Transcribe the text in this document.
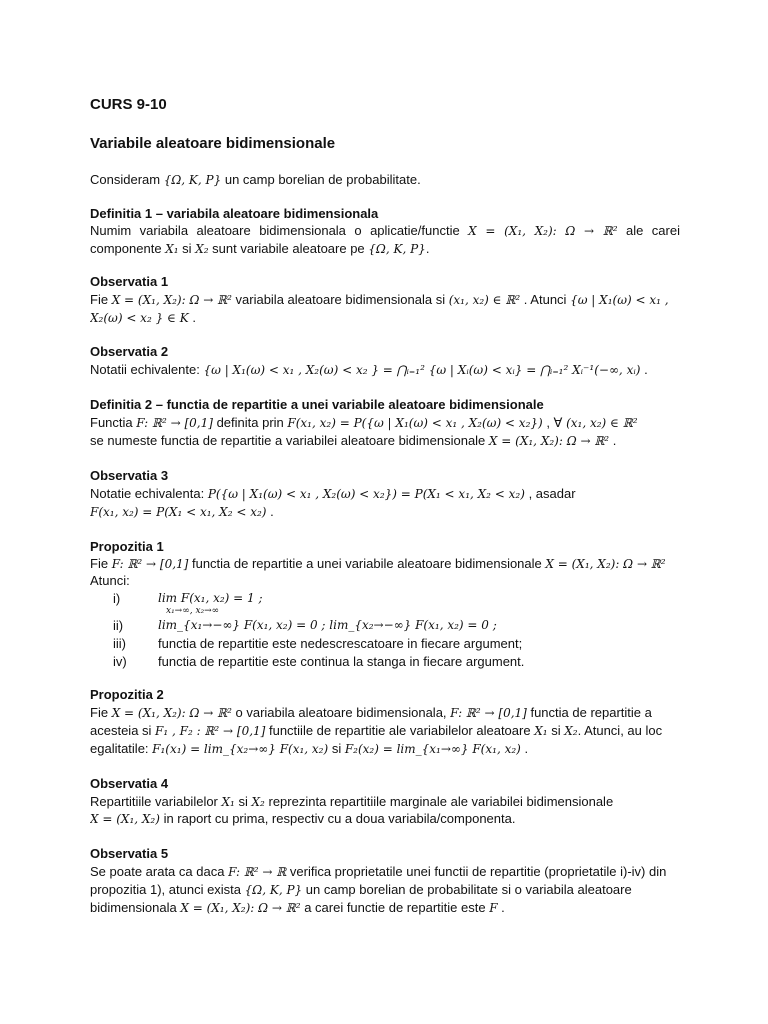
CURS 9-10
Variabile aleatoare bidimensionale
Consideram {Ω, K, P} un camp borelian de probabilitate.
Definitia 1 – variabila aleatoare bidimensionala
Numim variabila aleatoare bidimensionala o aplicatie/functie X = (X₁, X₂): Ω → ℝ² ale carei
componente X₁ si X₂ sunt variabile aleatoare pe {Ω, K, P}.
Observatia 1
Fie X = (X₁, X₂): Ω → ℝ² variabila aleatoare bidimensionala si (x₁, x₂) ∈ ℝ² . Atunci {ω | X₁(ω) < x₁ ,
X₂(ω) < x₂ } ∈ K .
Observatia 2
Notatii echivalente: {ω | X₁(ω) < x₁ , X₂(ω) < x₂ } = ⋂ᵢ₌₁² {ω | Xᵢ(ω) < xᵢ} = ⋂ᵢ₌₁² Xᵢ⁻¹(−∞, xᵢ) .
Definitia 2 – functia de repartitie a unei variabile aleatoare bidimensionale
Functia F: ℝ² → [0,1] definita prin F(x₁, x₂) = P({ω | X₁(ω) < x₁ , X₂(ω) < x₂}) , ∀ (x₁, x₂) ∈ ℝ²
se numeste functia de repartitie a variabilei aleatoare bidimensionale X = (X₁, X₂): Ω → ℝ² .
Observatia 3
Notatie echivalenta: P({ω | X₁(ω) < x₁ , X₂(ω) < x₂}) = P(X₁ < x₁, X₂ < x₂) , asadar
F(x₁, x₂) = P(X₁ < x₁, X₂ < x₂) .
Propozitia 1
Fie F: ℝ² → [0,1] functia de repartitie a unei variabile aleatoare bidimensionale X = (X₁, X₂): Ω → ℝ²
Atunci:
i)	lim F(x₁, x₂) = 1 ;
x₁→∞, x₂→∞
ii)	lim_{x₁→−∞} F(x₁, x₂) = 0 ; lim_{x₂→−∞} F(x₁, x₂) = 0 ;
iii) functia de repartitie este nedescrescatoare in fiecare argument;
iv) functia de repartitie este continua la stanga in fiecare argument.
Propozitia 2
Fie X = (X₁, X₂): Ω → ℝ² o variabila aleatoare bidimensionala, F: ℝ² → [0,1] functia de repartitie a
acesteia si F₁ , F₂ : ℝ² → [0,1] functiile de repartitie ale variabilelor aleatoare X₁ si X₂. Atunci, au loc
egalitatile: F₁(x₁) = lim_{x₂→∞} F(x₁, x₂) si F₂(x₂) = lim_{x₁→∞} F(x₁, x₂) .
Observatia 4
Repartitiile variabilelor X₁ si X₂ reprezinta repartitiile marginale ale variabilei bidimensionale
X = (X₁, X₂) in raport cu prima, respectiv cu a doua variabila/componenta.
Observatia 5
Se poate arata ca daca F: ℝ² → ℝ verifica proprietatile unei functii de repartitie (proprietatile i)-iv) din
propozitia 1), atunci exista {Ω, K, P} un camp borelian de probabilitate si o variabila aleatoare
bidimensionala X = (X₁, X₂): Ω → ℝ² a carei functie de repartitie este F .
